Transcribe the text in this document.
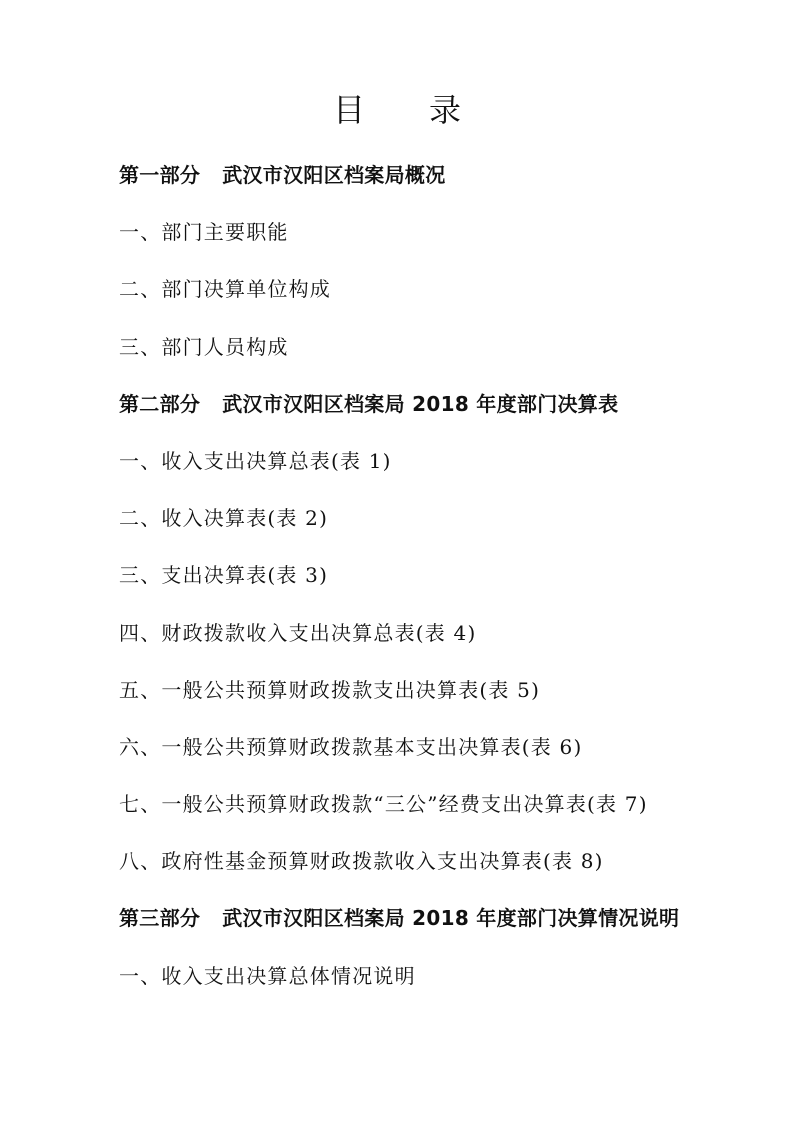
目　　录
第一部分 武汉市汉阳区档案局概况
一、部门主要职能
二、部门决算单位构成
三、部门人员构成
第二部分 武汉市汉阳区档案局 2018 年度部门决算表
一、收入支出决算总表(表 1)
二、收入决算表(表 2)
三、支出决算表(表 3)
四、财政拨款收入支出决算总表(表 4)
五、一般公共预算财政拨款支出决算表(表 5)
六、一般公共预算财政拨款基本支出决算表(表 6)
七、一般公共预算财政拨款“三公”经费支出决算表(表 7)
八、政府性基金预算财政拨款收入支出决算表(表 8)
第三部分 武汉市汉阳区档案局 2018 年度部门决算情况说明
一、收入支出决算总体情况说明
